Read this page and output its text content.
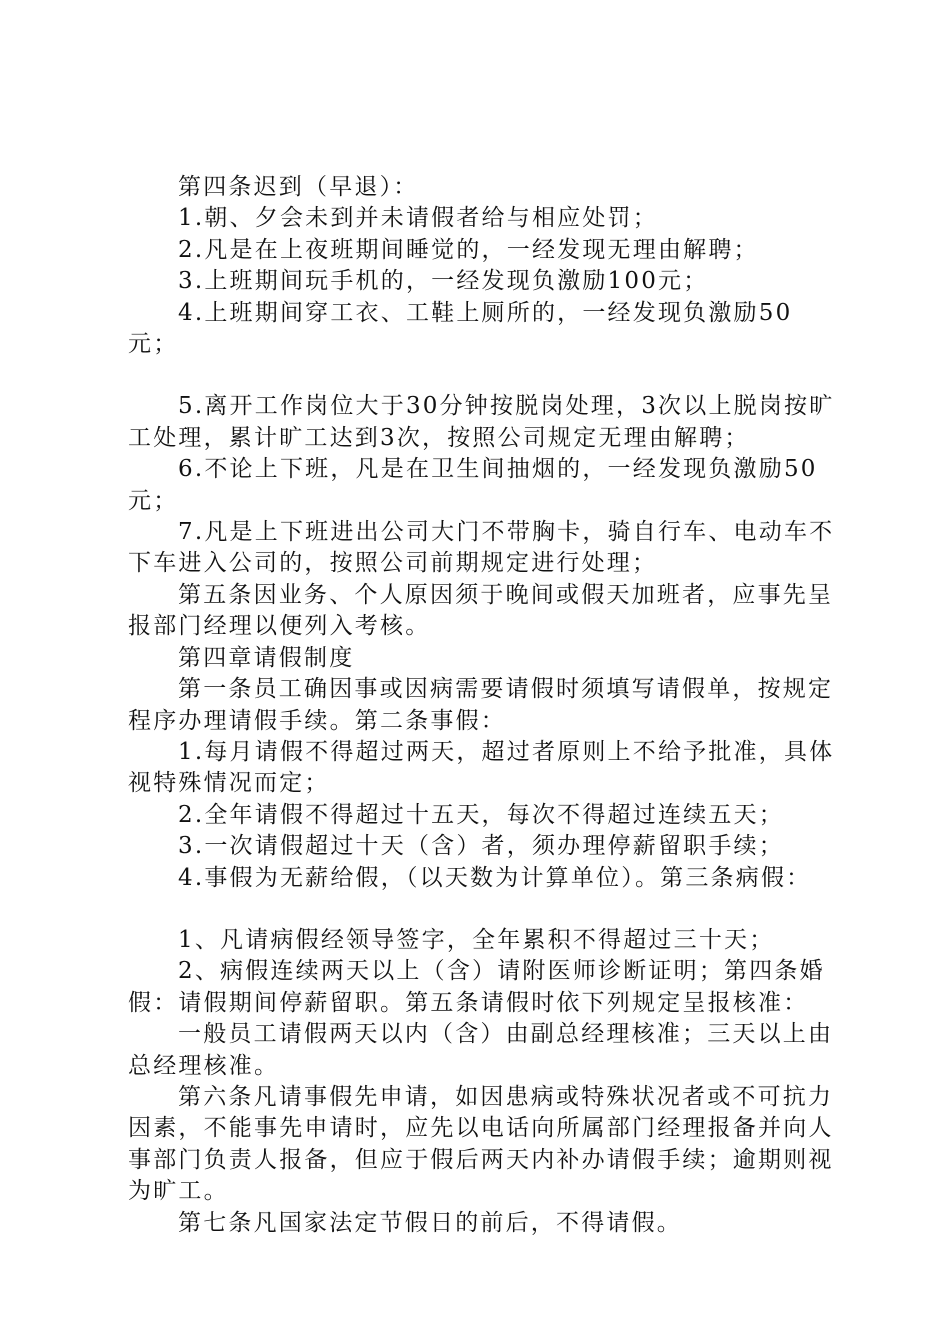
第四条迟到（早退）：

1.朝、夕会未到并未请假者给与相应处罚；

2.凡是在上夜班期间睡觉的，一经发现无理由解聘；

3.上班期间玩手机的，一经发现负激励100元；

4.上班期间穿工衣、工鞋上厕所的，一经发现负激励50元；

5.离开工作岗位大于30分钟按脱岗处理，3次以上脱岗按旷工处理，累计旷工达到3次，按照公司规定无理由解聘；

6.不论上下班，凡是在卫生间抽烟的，一经发现负激励50元；

7.凡是上下班进出公司大门不带胸卡，骑自行车、电动车不下车进入公司的，按照公司前期规定进行处理；

第五条因业务、个人原因须于晚间或假天加班者，应事先呈报部门经理以便列入考核。

第四章请假制度

第一条员工确因事或因病需要请假时须填写请假单，按规定程序办理请假手续。第二条事假：

1.每月请假不得超过两天，超过者原则上不给予批准，具体视特殊情况而定；

2.全年请假不得超过十五天，每次不得超过连续五天；

3.一次请假超过十天（含）者，须办理停薪留职手续；

4.事假为无薪给假，（以天数为计算单位）。第三条病假：

1、凡请病假经领导签字，全年累积不得超过三十天；

2、病假连续两天以上（含）请附医师诊断证明；第四条婚假：请假期间停薪留职。第五条请假时依下列规定呈报核准：

一般员工请假两天以内（含）由副总经理核准；三天以上由总经理核准。

第六条凡请事假先申请，如因患病或特殊状况者或不可抗力因素，不能事先申请时，应先以电话向所属部门经理报备并向人事部门负责人报备，但应于假后两天内补办请假手续；逾期则视为旷工。

第七条凡国家法定节假日的前后，不得请假。
